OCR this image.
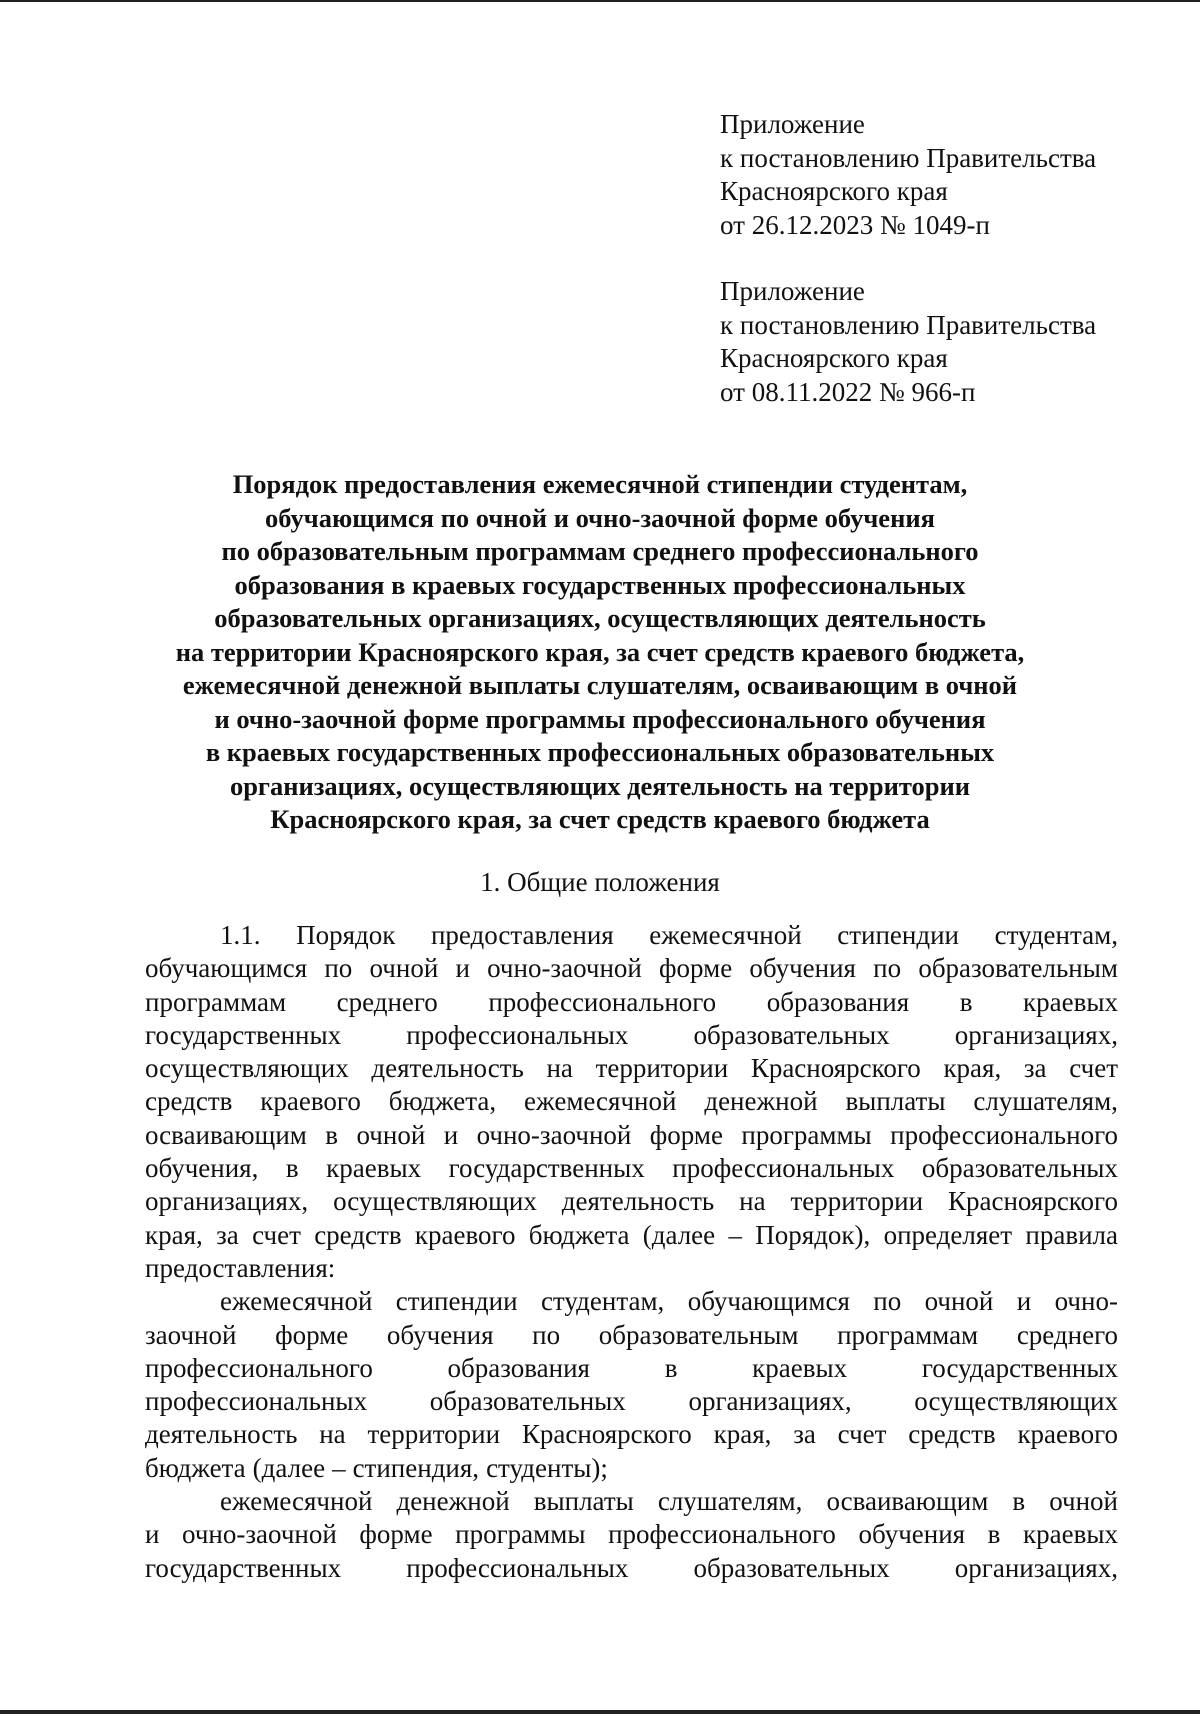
Приложение
к постановлению Правительства
Красноярского края
от 26.12.2023 № 1049-п
Приложение
к постановлению Правительства
Красноярского края
от 08.11.2022 № 966-п
Порядок предоставления ежемесячной стипендии студентам,
обучающимся по очной и очно-заочной форме обучения
по образовательным программам среднего профессионального
образования в краевых государственных профессиональных
образовательных организациях, осуществляющих деятельность
на территории Красноярского края, за счет средств краевого бюджета,
ежемесячной денежной выплаты слушателям, осваивающим в очной
и очно-заочной форме программы профессионального обучения
в краевых государственных профессиональных образовательных
организациях, осуществляющих деятельность на территории
Красноярского края, за счет средств краевого бюджета
1. Общие положения
1.1. Порядок предоставления ежемесячной стипендии студентам,
обучающимся по очной и очно-заочной форме обучения по образовательным
программам среднего профессионального образования в краевых
государственных профессиональных образовательных организациях,
осуществляющих деятельность на территории Красноярского края, за счет
средств краевого бюджета, ежемесячной денежной выплаты слушателям,
осваивающим в очной и очно-заочной форме программы профессионального
обучения, в краевых государственных профессиональных образовательных
организациях, осуществляющих деятельность на территории Красноярского
края, за счет средств краевого бюджета (далее – Порядок), определяет правила
предоставления:
ежемесячной стипендии студентам, обучающимся по очной и очно-
заочной форме обучения по образовательным программам среднего
профессионального	образования	в	краевых	государственных
профессиональных образовательных организациях, осуществляющих
деятельность на территории Красноярского края, за счет средств краевого
бюджета (далее – стипендия, студенты);
ежемесячной денежной выплаты слушателям, осваивающим в очной
и очно-заочной форме программы профессионального обучения в краевых
государственных профессиональных образовательных организациях,
